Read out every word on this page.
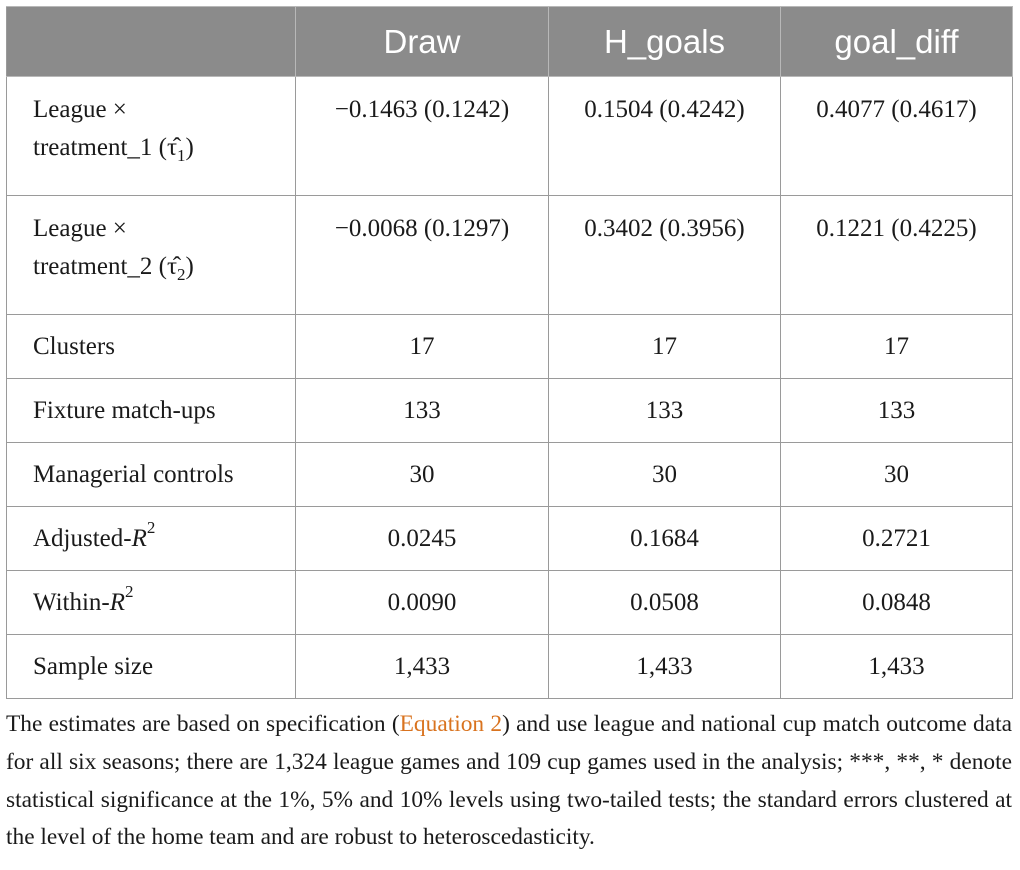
	Draw	H_goals	goal_diff
League ×
treatment_1 $(\taû_1)$	−0.1463 (0.1242)	0.1504 (0.4242)	0.4077 (0.4617)
League ×
treatment_2 $(\taû_2)$	−0.0068 (0.1297)	0.3402 (0.3956)	0.1221 (0.4225)
Clusters	17	17	17
Fixture match-ups	133	133	133
Managerial controls	30	30	30
Adjusted-$R^2$	0.0245	0.1684	0.2721
Within-$R^2$	0.0090	0.0508	0.0848
Sample size	1,433	1,433	1,433

The estimates are based on specification (Equation 2) and use league and national cup match outcome data for all six seasons; there are 1,324 league games and 109 cup games used in the analysis; ***, **, * denote statistical significance at the 1%, 5% and 10% levels using two-tailed tests; the standard errors clustered at the level of the home team and are robust to heteroscedasticity.
